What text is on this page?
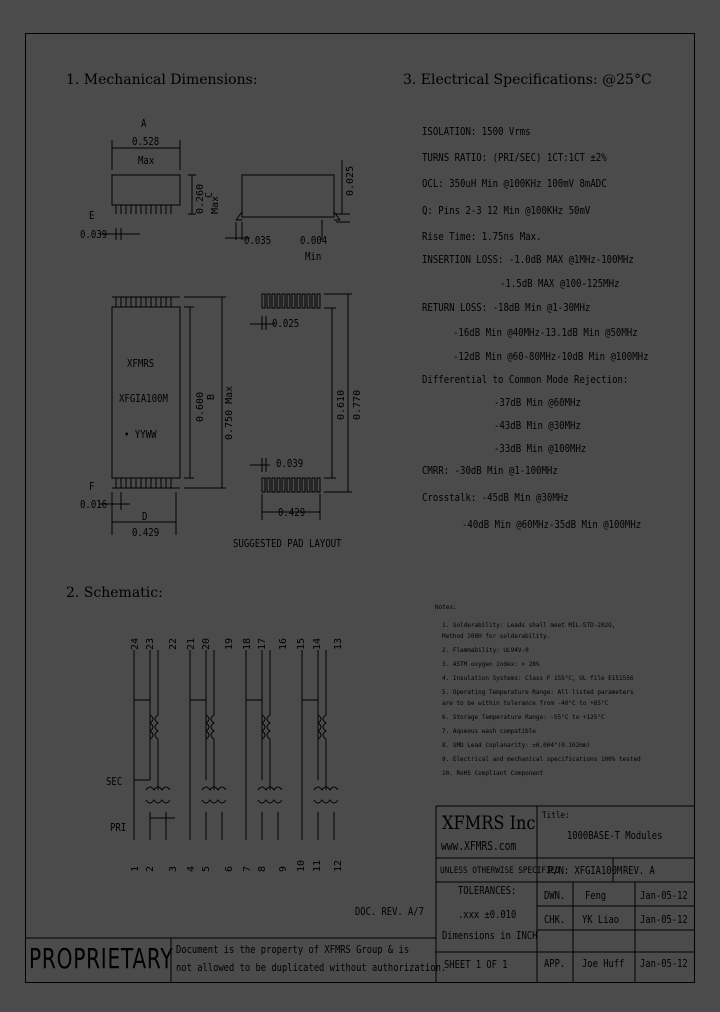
1. Mechanical Dimensions:
A
0.528
Max
E
0.039	0.035	0.004
Min
0.025
XFMRS
XFGIA100M
• YYWW
0.039
0.429
F
0.016
D
0.429
SUGGESTED PAD LAYOUT
C
0.260 Max
0.025
0.600 B 0.750 Max	0.610 0.770
3. Electrical Specifications: @25°C
ISOLATION: 1500 Vrms
TURNS RATIO: (PRI/SEC) 1CT:1CT ±2%
OCL: 350uH Min @100KHz 100mV 8mADC
Q: Pins 2-3 12 Min @100KHz 50mV
Rise Time: 1.75ns Max.
INSERTION LOSS: -1.0dB MAX @1MHz-100MHz
-1.5dB MAX @100-125MHz
RETURN LOSS: -18dB Min @1-30MHz
-16dB Min @40MHz-13.1dB Min @50MHz
-12dB Min @60-80MHz-10dB Min @100MHz
Differential to Common Mode Rejection:
-37dB Min @60MHz
-43dB Min @30MHz
-33dB Min @100MHz
CMRR: -30dB Min @1-100MHz
Crosstalk: -45dB Min @30MHz
-40dB Min @60MHz-35dB Min @100MHz
2. Schematic:
SEC
PRI
24 23 22 21 20 19 18 17 16 15 14 13
1 2 3 4 5 6 7 8 9 10 11 12
Notes:
1. Solderability: Leads shall meet MIL-STD-202G,
Method 208H for solderability.
2. Flammability: UL94V-0
3. ASTM oxygen index: > 28%
4. Insulation Systems: Class F 155°C, UL file E151556
5. Operating Temperature Range: All listed parameters
are to be within tolerance from -40°C to +85°C
6. Storage Temperature Range: -55°C to +125°C
7. Aqueous wash compatible
8. SMD Lead Coplanarity: ±0.004"(0.102mm)
9. Electrical and mechanical specifications 100% tested
10. RoHS Compliant Component
XFMRS Inc
www.XFMRS.com
Title:
1000BASE-T Modules
UNLESS OTHERWISE SPECIFIED
P/N: XFGIA100M REV. A
TOLERANCES:
.xxx ±0.010
Dimensions in INCH
SHEET 1 OF 1
DWN. Feng	Jan-05-12
CHK. YK Liao Jan-05-12
APP. Joe Huff Jan-05-12
DOC. REV. A/7
PROPRIETARY Document is the property of XFMRS Group & is
not allowed to be duplicated without authorization.
